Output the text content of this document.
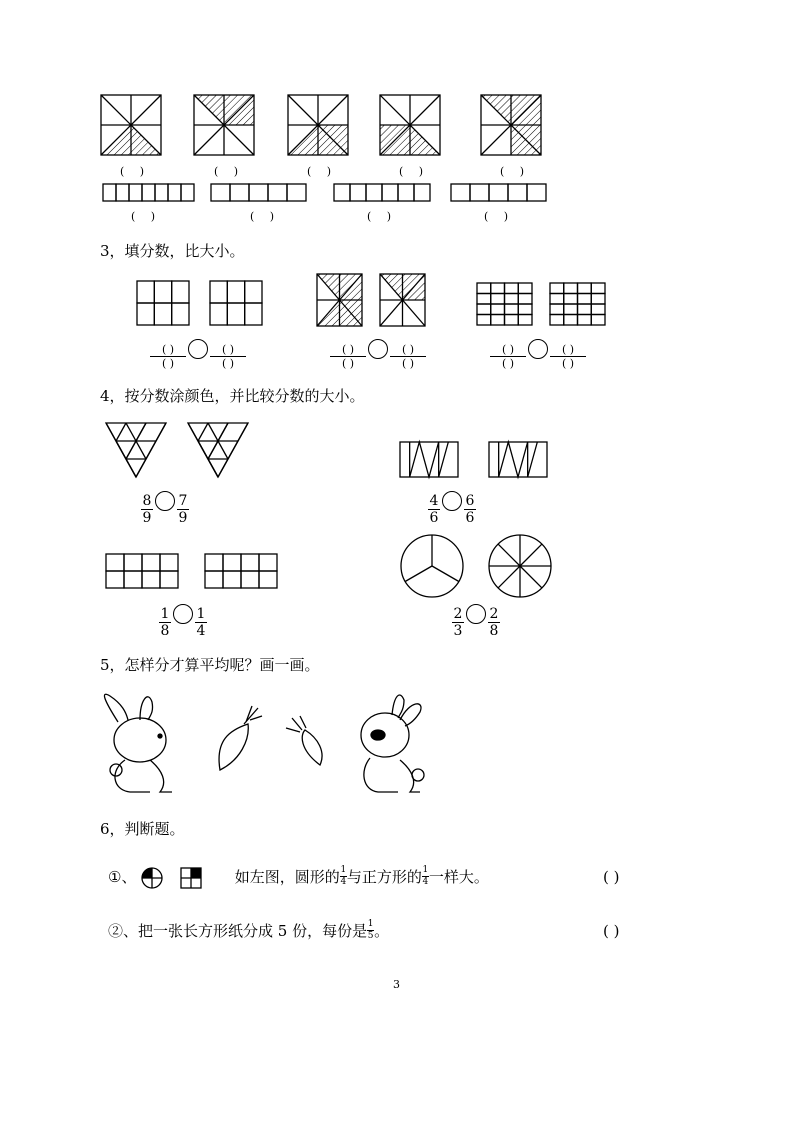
( )	( )	( )	( )	( )
( )	( )	( )	( )
3，填分数，比大小。
( )
( )
( )
( )
( )
( )
( )
( )
( )
( )
( )
( )
4，按分数涂颜色，并比较分数的大小。
$\frac{8}{9} \frac{7}{9}$	$\frac{4}{6} \frac{6}{6}$
$\frac{1}{8} \frac{1}{4}$	$\frac{2}{3} \frac{2}{8}$
5，怎样分才算平均呢？画一画。
6，判断题。
①、	如左图，圆形的 $\frac{1}{4}$ 与正方形的 $\frac{1}{4}$ 一样大。	( )
②、把一张长方形纸分成 5 份，每份是 $\frac{1}{5}$ 。	( )
3
